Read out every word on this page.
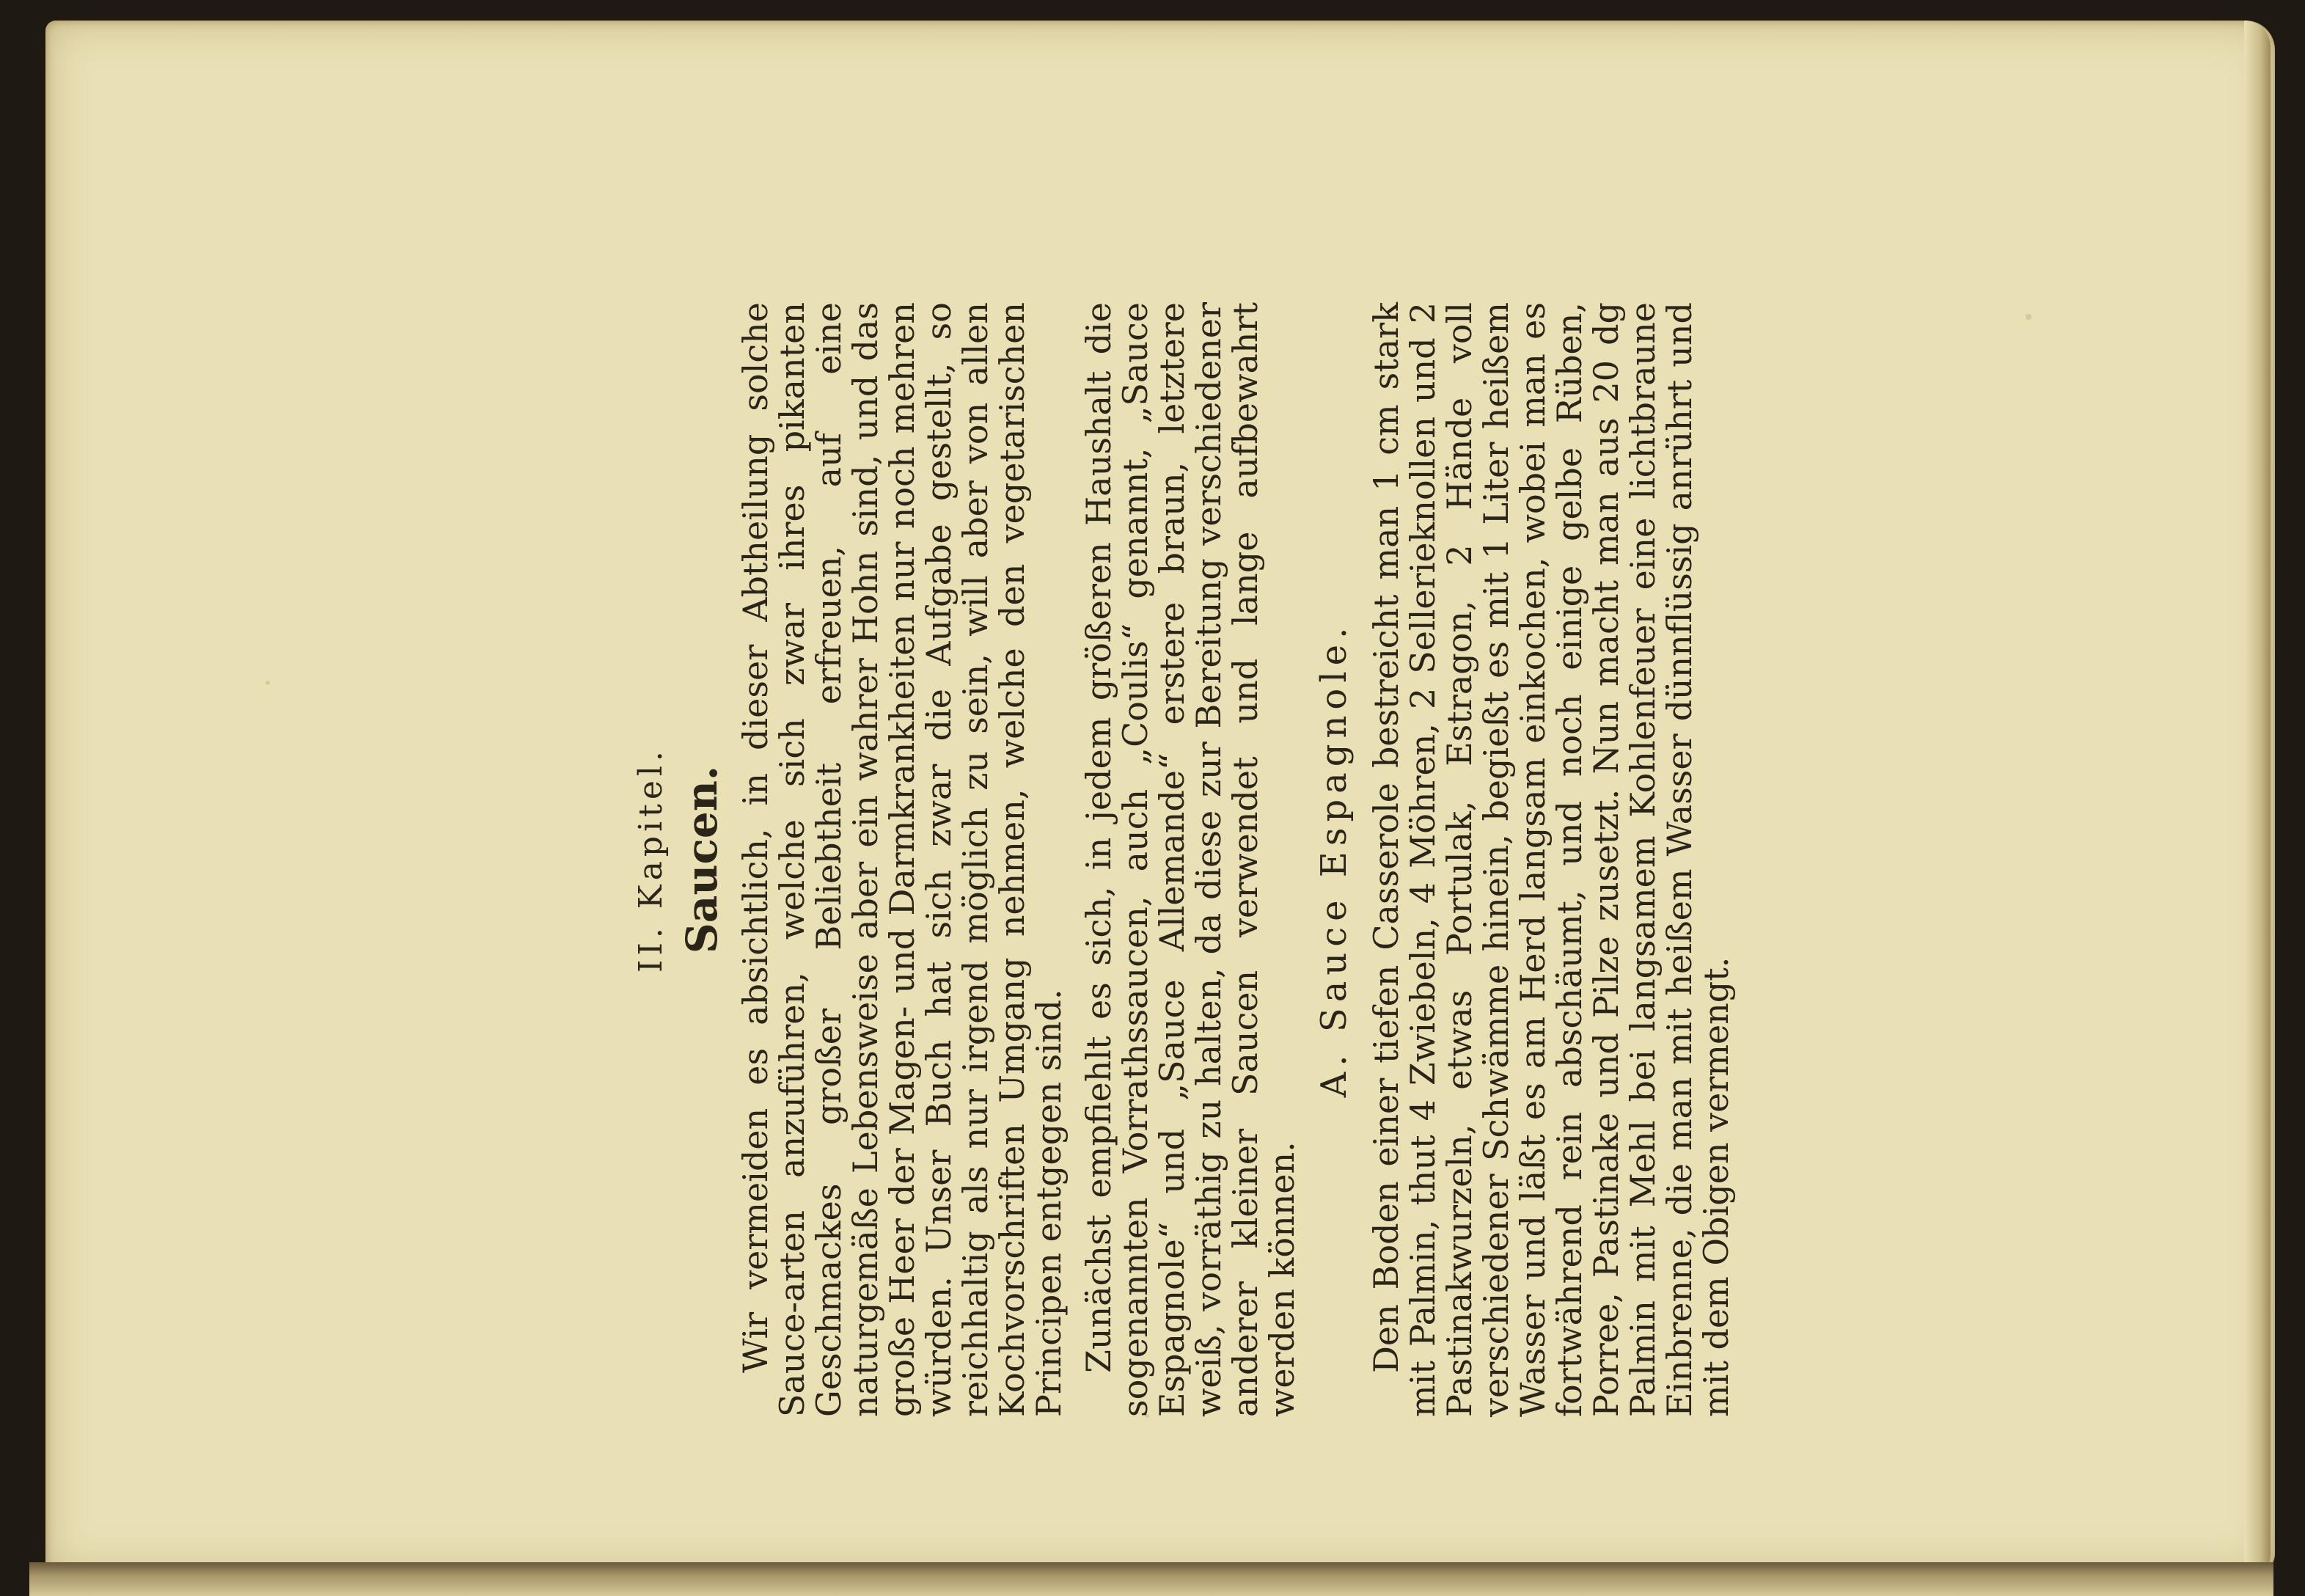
II. Kapitel. Saucen. Wir vermeiden es absichtlich, in dieser Abtheilung solche Sauce-arten anzuführen, welche sich zwar ihres pikanten Geschmackes großer Beliebtheit erfreuen, auf eine naturgemäße Lebensweise aber ein wahrer Hohn sind, und das große Heer der Magen- und Darmkrankheiten nur noch mehren würden. Unser Buch hat sich zwar die Aufgabe gestellt, so reichhaltig als nur irgend möglich zu sein, will aber von allen Kochvorschriften Umgang nehmen, welche den vegetarischen Principen entgegen sind. Zunächst empfiehlt es sich, in jedem größeren Haushalt die sogenannten Vorrathssaucen, auch „Coulis“ genannt, „Sauce Espagnole“ und „Sauce Allemande“ erstere braun, letztere weiß, vorräthig zu halten, da diese zur Bereitung verschiedener anderer kleiner Saucen verwendet und lange aufbewahrt werden können.

A. Sauce Espagnole. Den Boden einer tiefen Casserole bestreicht man 1 cm stark mit Palmin, thut 4 Zwiebeln, 4 Möhren, 2 Sellerieknollen und 2 Pastinakwurzeln, etwas Portulak, Estragon, 2 Hände voll verschiedener Schwämme hinein, begießt es mit 1 Liter heißem Wasser und läßt es am Herd langsam einkochen, wobei man es fortwährend rein abschäumt, und noch einige gelbe Rüben, Porree, Pastinake und Pilze zusetzt. Nun macht man aus 20 dg Palmin mit Mehl bei langsamem Kohlenfeuer eine lichtbraune Einbrenne, die man mit heißem Wasser dünnflüssig anrührt und mit dem Obigen vermengt.
